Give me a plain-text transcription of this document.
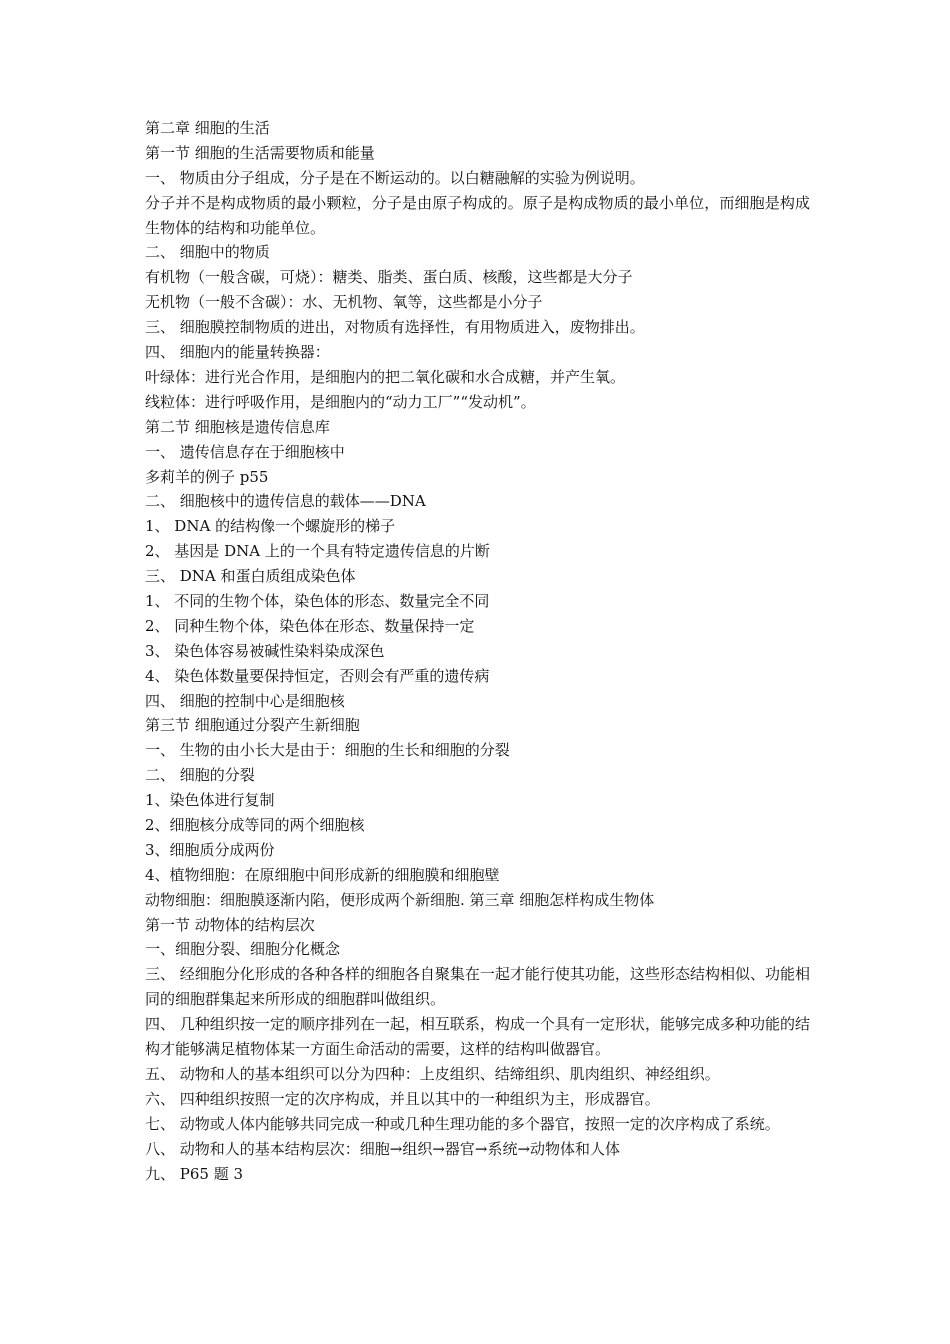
第二章 细胞的生活
第一节 细胞的生活需要物质和能量
一、 物质由分子组成，分子是在不断运动的。以白糖融解的实验为例说明。
分子并不是构成物质的最小颗粒，分子是由原子构成的。原子是构成物质的最小单位，而细胞是构成生物体的结构和功能单位。
二、 细胞中的物质
有机物（一般含碳，可烧）：糖类、脂类、蛋白质、核酸，这些都是大分子
无机物（一般不含碳）：水、无机物、氧等，这些都是小分子
三、 细胞膜控制物质的进出，对物质有选择性，有用物质进入，废物排出。
四、 细胞内的能量转换器：
叶绿体：进行光合作用，是细胞内的把二氧化碳和水合成糖，并产生氧。
线粒体：进行呼吸作用，是细胞内的“动力工厂”“发动机”。
第二节 细胞核是遗传信息库
一、 遗传信息存在于细胞核中
多莉羊的例子 p55
二、 细胞核中的遗传信息的载体——DNA
1、 DNA 的结构像一个螺旋形的梯子
2、 基因是 DNA 上的一个具有特定遗传信息的片断
三、 DNA 和蛋白质组成染色体
1、 不同的生物个体，染色体的形态、数量完全不同
2、 同种生物个体，染色体在形态、数量保持一定
3、 染色体容易被碱性染料染成深色
4、 染色体数量要保持恒定，否则会有严重的遗传病
四、 细胞的控制中心是细胞核
第三节 细胞通过分裂产生新细胞
一、 生物的由小长大是由于：细胞的生长和细胞的分裂
二、 细胞的分裂
1、染色体进行复制
2、细胞核分成等同的两个细胞核
3、细胞质分成两份
4、植物细胞：在原细胞中间形成新的细胞膜和细胞壁
动物细胞：细胞膜逐渐内陷，便形成两个新细胞. 第三章 细胞怎样构成生物体
第一节 动物体的结构层次
一、细胞分裂、细胞分化概念
三、 经细胞分化形成的各种各样的细胞各自聚集在一起才能行使其功能，这些形态结构相似、功能相同的细胞群集起来所形成的细胞群叫做组织。
四、 几种组织按一定的顺序排列在一起，相互联系，构成一个具有一定形状，能够完成多种功能的结构才能够满足植物体某一方面生命活动的需要，这样的结构叫做器官。
五、 动物和人的基本组织可以分为四种：上皮组织、结缔组织、肌肉组织、神经组织。
六、 四种组织按照一定的次序构成，并且以其中的一种组织为主，形成器官。
七、 动物或人体内能够共同完成一种或几种生理功能的多个器官，按照一定的次序构成了系统。
八、 动物和人的基本结构层次：细胞→组织→器官→系统→动物体和人体
九、 P65 题 3
